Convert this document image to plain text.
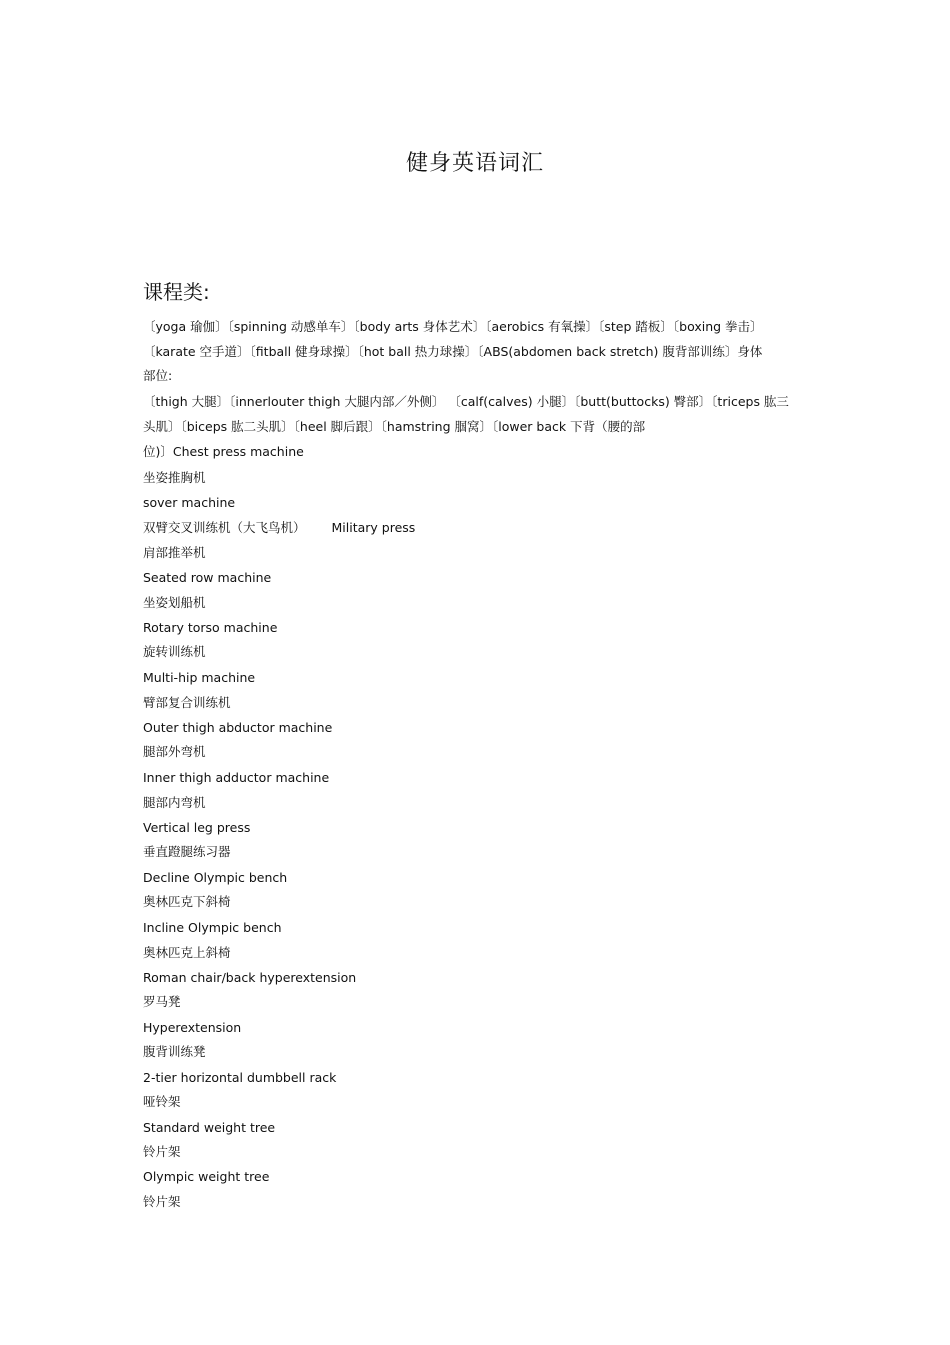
健身英语词汇
课程类:
〔yoga 瑜伽〕〔spinning 动感单车〕〔body arts 身体艺术〕〔aerobics 有氧操〕〔step 踏板〕〔boxing 拳击〕
〔karate 空手道〕〔fitball 健身球操〕〔hot ball 热力球操〕〔ABS(abdomen back stretch) 腹背部训练〕身体
部位:
〔thigh 大腿〕〔innerlouter thigh 大腿内部／外侧〕 〔calf(calves) 小腿〕〔butt(buttocks) 臀部〕〔triceps 肱三
头肌〕〔biceps 肱二头肌〕〔heel 脚后跟〕〔hamstring 腘窝〕〔lower back 下背（腰的部
位)〕Chest press machine
坐姿推胸机
sover machine
双臂交叉训练机（大飞鸟机） Military press
肩部推举机
Seated row machine
坐姿划船机
Rotary torso machine
旋转训练机
Multi-hip machine
臂部复合训练机
Outer thigh abductor machine
腿部外弯机
Inner thigh adductor machine
腿部内弯机
Vertical leg press
垂直蹬腿练习器
Decline Olympic bench
奥林匹克下斜椅
Incline Olympic bench
奥林匹克上斜椅
Roman chair/back hyperextension
罗马凳
Hyperextension
腹背训练凳
2-tier horizontal dumbbell rack
哑铃架
Standard weight tree
铃片架
Olympic weight tree
铃片架
